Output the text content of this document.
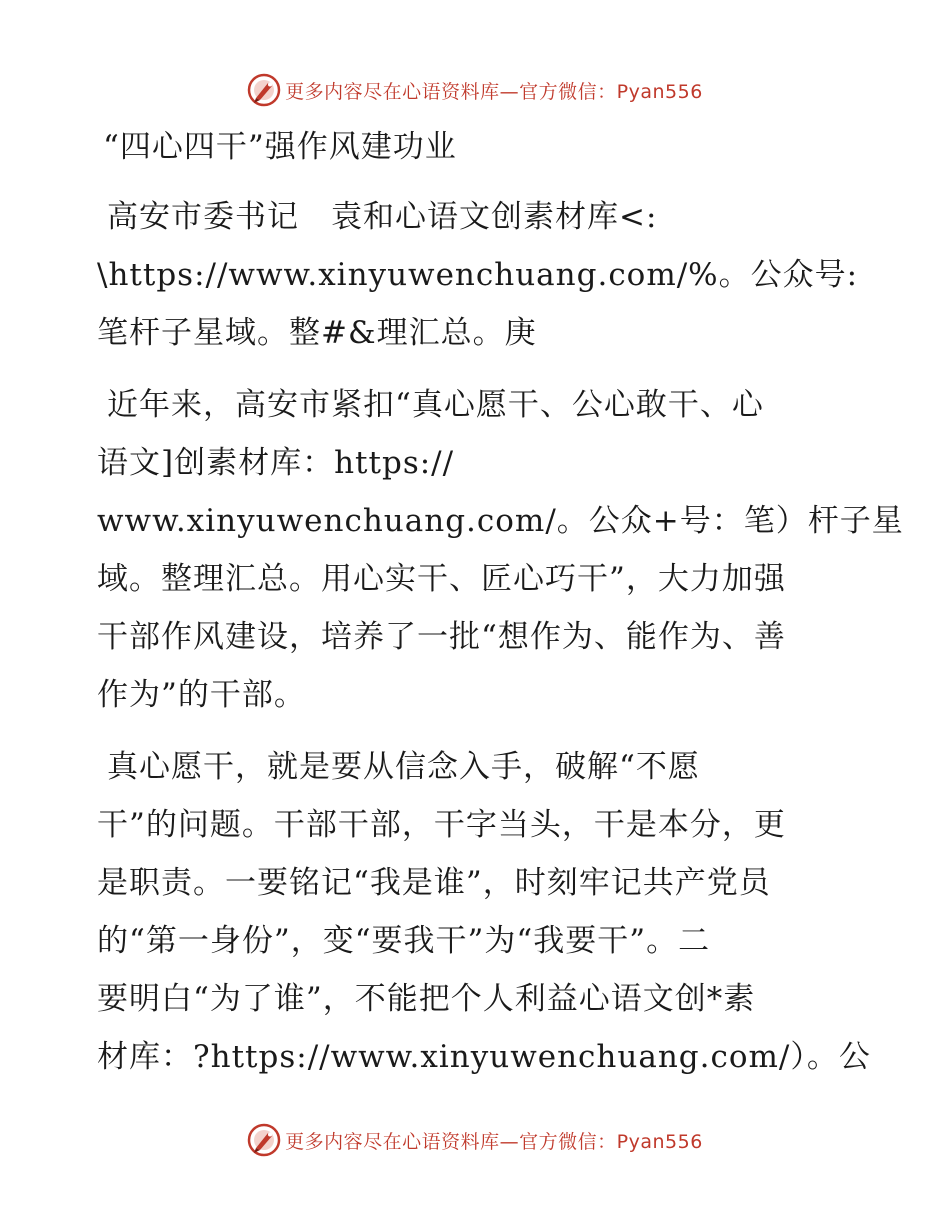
更多内容尽在心语资料库—官方微信：Pyan556
“四心四干”强作风建功业
高安市委书记　袁和心语文创素材库<:
\https://www.xinyuwenchuang.com/%。公众号:
笔杆子星域。整#&理汇总。庚
近年来，高安市紧扣“真心愿干、公心敢干、心
语文]创素材库：https://
www.xinyuwenchuang.com/。公众+号：笔）杆子星
域。整理汇总。用心实干、匠心巧干”，大力加强
干部作风建设，培养了一批“想作为、能作为、善
作为”的干部。
真心愿干，就是要从信念入手，破解“不愿
干”的问题。干部干部，干字当头，干是本分，更
是职责。一要铭记“我是谁”，时刻牢记共产党员
的“第一身份”，变“要我干”为“我要干”。二
要明白“为了谁”，不能把个人利益心语文创*素
材库：?https://www.xinyuwenchuang.com/）。公
更多内容尽在心语资料库—官方微信：Pyan556
